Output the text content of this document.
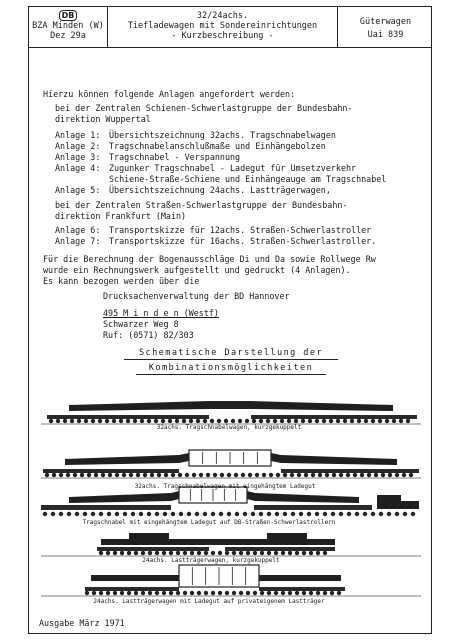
DB
BZA Minden (W)
Dez 29a
32/24achs.
Tiefladewagen mit Sondereinrichtungen
- Kurzbeschreibung -
Güterwagen
Uai 839
Hierzu können folgende Anlagen angefordert werden:
bei der Zentralen Schienen-Schwerlastgruppe der Bundesbahn-
direktion Wuppertal
Anlage 1: Übersichtszeichnung 32achs. Tragschnabelwagen
Anlage 2: Tragschnabelanschlußmaße und Einhängebolzen
Anlage 3: Tragschnabel - Verspannung
Anlage 4: Zugunker Tragschnabel - Ladegut für Umsetzverkehr
Schiene-Straße-Schiene und Einhängeauge am Tragschnabel
Anlage 5: Übersichtszeichnung 24achs. Lastträgerwagen,
bei der Zentralen Straßen-Schwerlastgruppe der Bundesbahn-
direktion Frankfurt (Main)
Anlage 6: Transportskizze für 12achs. Straßen-Schwerlastroller
Anlage 7: Transportskizze für 16achs. Straßen-Schwerlastroller.
Für die Berechnung der Bogenausschläge Di und Da sowie Rollwege Rw
wurde ein Rechnungswerk aufgestellt und gedruckt (4 Anlagen).
Es kann bezogen werden über die
Drucksachenverwaltung der BD Hannover
495 M i n d e n (Westf)
Schwarzer Weg 8
Ruf: (0571) 82/303
Schematische Darstellung der
Kombinationsmöglichkeiten
32achs. Tragschnabelwagen, kurzgekuppelt
32achs. Tragschnabelwagen mit eingehängtem Ladegut
Tragschnabel mit eingehängtem Ladegut auf DB-Straßen-Schwerlastrollern
24achs. Lastträgerwagen, kurzgekuppelt
24achs. Lastträgerwagen mit Ladegut auf privateigenem Lastträger
Ausgabe März 1971
